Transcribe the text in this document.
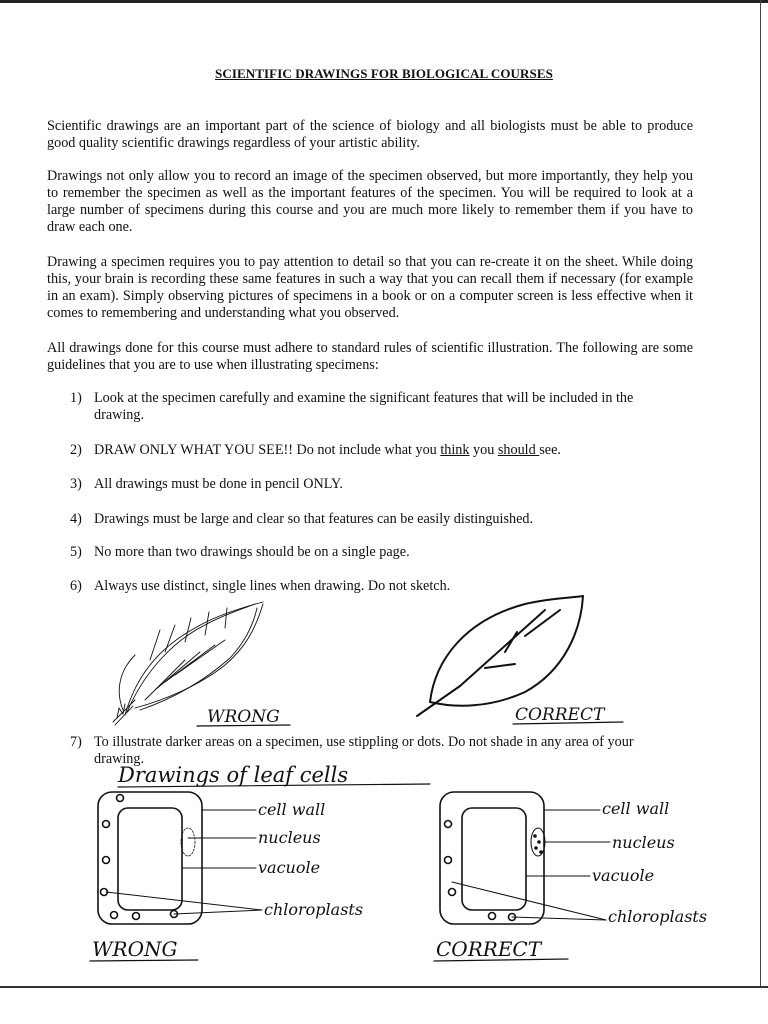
SCIENTIFIC DRAWINGS FOR BIOLOGICAL COURSES

Scientific drawings are an important part of the science of biology and all biologists must be able to produce good quality scientific drawings regardless of your artistic ability.

Drawings not only allow you to record an image of the specimen observed, but more importantly, they help you to remember the specimen as well as the important features of the specimen. You will be required to look at a large number of specimens during this course and you are much more likely to remember them if you have to draw each one.

Drawing a specimen requires you to pay attention to detail so that you can re-create it on the sheet. While doing this, your brain is recording these same features in such a way that you can recall them if necessary (for example in an exam). Simply observing pictures of specimens in a book or on a computer screen is less effective when it comes to remembering and understanding what you observed.

All drawings done for this course must adhere to standard rules of scientific illustration. The following are some guidelines that you are to use when illustrating specimens:

1) Look at the specimen carefully and examine the significant features that will be included in the drawing.
2) DRAW ONLY WHAT YOU SEE!! Do not include what you think you should see.
3) All drawings must be done in pencil ONLY.
4) Drawings must be large and clear so that features can be easily distinguished.
5) No more than two drawings should be on a single page.
6) Always use distinct, single lines when drawing. Do not sketch.
WRONG	CORRECT
7) To illustrate darker areas on a specimen, use stippling or dots. Do not shade in any area of your drawing.
Drawings of leaf cells
cell wall
nucleus
vacuole
chloroplasts
WRONG
cell wall
nucleus
vacuole
chloroplasts
CORRECT
